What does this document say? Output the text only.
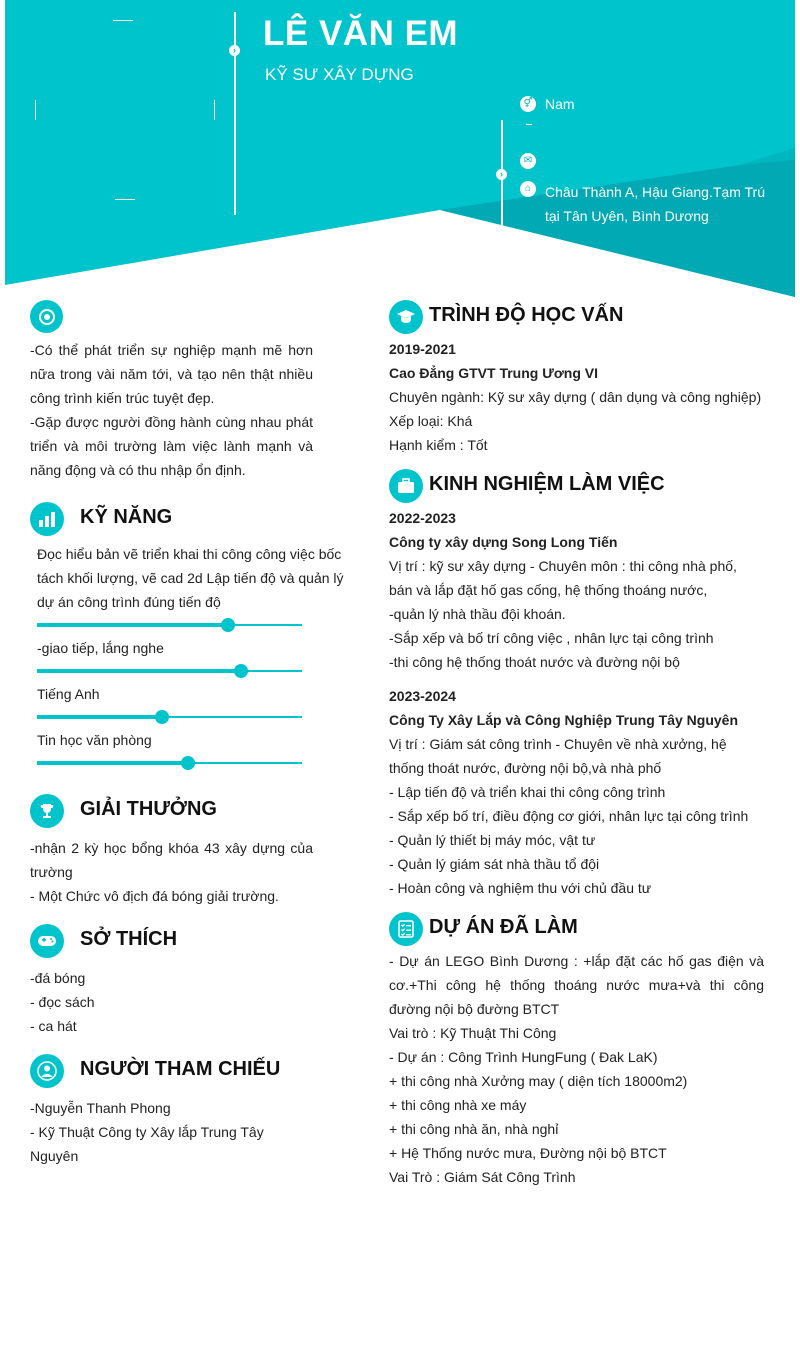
› LÊ VĂN EM
KỸ SƯ XÂY DỰNG
›
⚥ Nam
✉
⌂ Châu Thành A, Hậu Giang.Tạm Trú tại Tân Uyên, Bình Dương

-Có thể phát triển sự nghiệp mạnh mẽ hơn nữa trong vài năm tới, và tạo nên thật nhiều công trình kiến trúc tuyệt đẹp.
-Gặp được người đồng hành cùng nhau phát triển và môi trường làm việc lành mạnh và năng động và có thu nhập ổn định.

KỸ NĂNG
Đọc hiểu bản vẽ triển khai thi công công việc bốc tách khối lượng, vẽ cad 2d Lập tiến độ và quản lý dự án công trình đúng tiến độ
-giao tiếp, lắng nghe
Tiếng Anh
Tin học văn phòng
GIẢI THƯỞNG

-nhận 2 kỳ học bổng khóa 43 xây dựng của trường
- Một Chức vô địch đá bóng giải trường.

SỞ THÍCH
-đá bóng
- đọc sách
- ca hát
NGƯỜI THAM CHIẾU
-Nguyễn Thanh Phong
- Kỹ Thuật Công ty Xây lắp Trung Tây Nguyên
TRÌNH ĐỘ HỌC VẤN
2019-2021
Cao Đẳng GTVT Trung Ương VI
Chuyên ngành: Kỹ sư xây dựng ( dân dụng và công nghiệp)
Xếp loại: Khá
Hạnh kiểm : Tốt
KINH NGHIỆM LÀM VIỆC
2022-2023
Công ty xây dựng Song Long Tiến

Vị trí : kỹ sư xây dựng - Chuyên môn : thi công nhà phố, bán và lắp đặt hố gas cống, hệ thống thoáng nước,
-quản lý nhà thầu đội khoán.
-Sắp xếp và bố trí công việc , nhân lực tại công trình
-thi công hệ thống thoát nước và đường nội bộ

2023-2024
Công Ty Xây Lắp và Công Nghiệp Trung Tây Nguyên

Vị trí : Giám sát công trình - Chuyên về nhà xưởng, hệ thống thoát nước, đường nội bộ,và nhà phố
- Lập tiến độ và triển khai thi công công trình
- Sắp xếp bố trí, điều động cơ giới, nhân lực tại công trình
- Quản lý thiết bị máy móc, vật tư
- Quản lý giám sát nhà thầu tổ đội
- Hoàn công và nghiệm thu với chủ đầu tư

DỰ ÁN ĐÃ LÀM

- Dự án LEGO Bình Dương : +lắp đặt các hố gas điện và cơ.+Thi công hệ thống thoáng nước mưa+và thi công đường nội bộ đường BTCT

Vai trò : Kỹ Thuật Thi Công
- Dự án : Công Trình HungFung ( Đak LaK)
+ thi công nhà Xưởng may ( diện tích 18000m2)
+ thi công nhà xe máy
+ thi công nhà ăn, nhà nghỉ
+ Hệ Thống nước mưa, Đường nội bộ BTCT
Vai Trò : Giám Sát Công Trình
